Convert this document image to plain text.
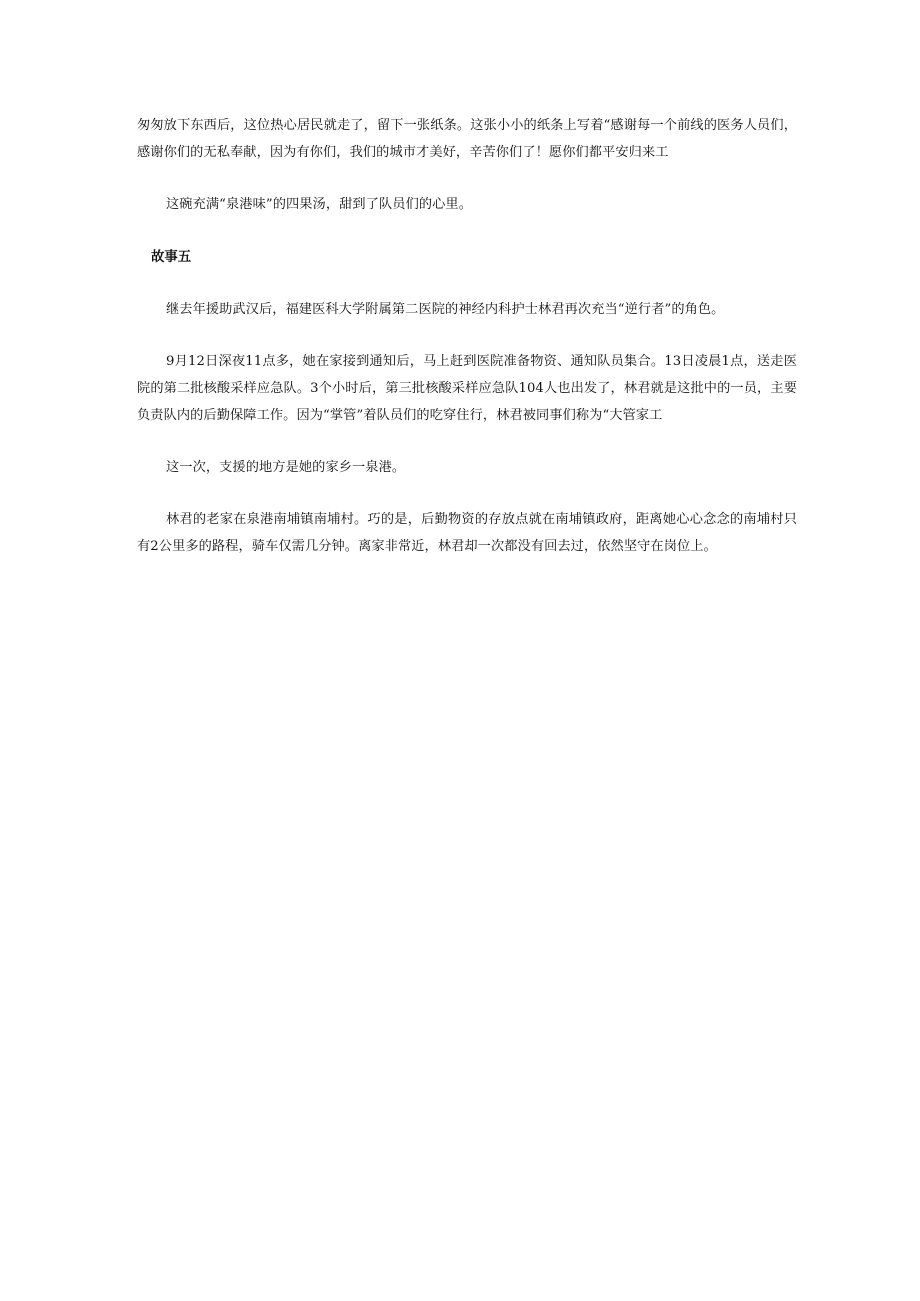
匆匆放下东西后，这位热心居民就走了，留下一张纸条。这张小小的纸条上写着“感谢每一个前线的医务人员们，感谢你们的无私奉献，因为有你们，我们的城市才美好，辛苦你们了！愿你们都平安归来工

这碗充满“泉港味”的四果汤，甜到了队员们的心里。

故事五

继去年援助武汉后，福建医科大学附属第二医院的神经内科护士林君再次充当“逆行者”的角色。

9月12日深夜11点多，她在家接到通知后，马上赶到医院准备物资、通知队员集合。13日凌晨1点，送走医院的第二批核酸采样应急队。3个小时后，第三批核酸采样应急队104人也出发了，林君就是这批中的一员，主要负责队内的后勤保障工作。因为“掌管”着队员们的吃穿住行，林君被同事们称为“大管家工

这一次，支援的地方是她的家乡一泉港。

林君的老家在泉港南埔镇南埔村。巧的是，后勤物资的存放点就在南埔镇政府，距离她心心念念的南埔村只有2公里多的路程，骑车仅需几分钟。离家非常近，林君却一次都没有回去过，依然坚守在岗位上。
